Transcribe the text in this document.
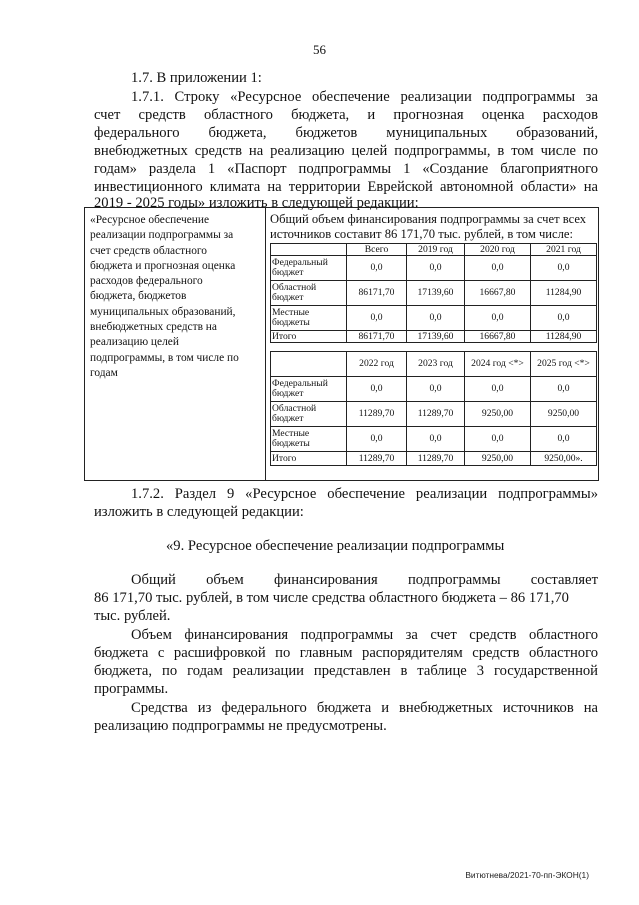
56
1.7. В приложении 1:
1.7.1. Строку «Ресурсное обеспечение реализации подпрограммы за
счет средств областного бюджета, и прогнозная оценка расходов
федерального бюджета, бюджетов муниципальных образований,
внебюджетных средств на реализацию целей подпрограммы, в том числе по
годам» раздела 1 «Паспорт подпрограммы 1 «Создание благоприятного
инвестиционного климата на территории Еврейской автономной области» на
2019 - 2025 годы» изложить в следующей редакции:
«Ресурсное обеспечение
реализации подпрограммы за
счет средств областного
бюджета и прогнозная оценка
расходов федерального
бюджета, бюджетов
муниципальных образований,
внебюджетных средств на
реализацию целей
подпрограммы, в том числе по
годам
Общий объем финансирования подпрограммы за счет всех
источников составит 86 171,70 тыс. рублей, в том числе:
	Всего	2019 год	2020 год	2021 год
Федеральный бюджет	0,0	0,0	0,0	0,0
Областной бюджет	86171,70	17139,60	16667,80	11284,90
Местные бюджеты	0,0	0,0	0,0	0,0
Итого	86171,70	17139,60	16667,80	11284,90
	2022 год	2023 год	2024 год <*>	2025 год <*>
Федеральный бюджет	0,0	0,0	0,0	0,0
Областной бюджет	11289,70	11289,70	9250,00	9250,00
Местные бюджеты	0,0	0,0	0,0	0,0
Итого	11289,70	11289,70	9250,00	9250,00».
1.7.2. Раздел 9 «Ресурсное обеспечение реализации подпрограммы»
изложить в следующей редакции:
«9. Ресурсное обеспечение реализации подпрограммы
Общий объем финансирования подпрограммы составляет
86 171,70 тыс. рублей, в том числе средства областного бюджета – 86 171,70
тыс. рублей.
Объем финансирования подпрограммы за счет средств областного
бюджета с расшифровкой по главным распорядителям средств областного
бюджета, по годам реализации представлен в таблице 3 государственной
программы.
Средства из федерального бюджета и внебюджетных источников на
реализацию подпрограммы не предусмотрены.
Витютнева/2021-70-пп-ЭКОН(1)
